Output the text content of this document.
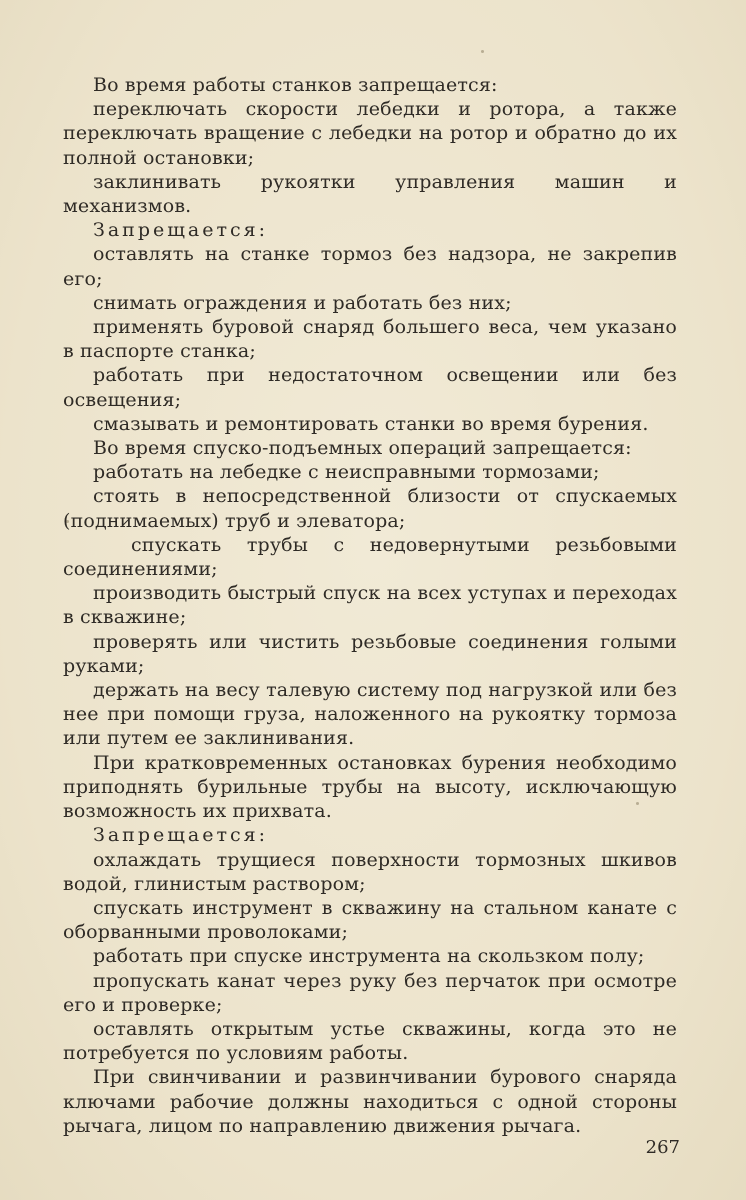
Во время работы станков запрещается:

переключать скорости лебедки и ротора, а также переключать вращение с лебедки на ротор и обратно до их полной остановки;

заклинивать рукоятки управления машин и механизмов.

Запрещается:

оставлять на станке тормоз без надзора, не закрепив его;

снимать ограждения и работать без них;

применять буровой снаряд большего веса, чем указано в паспорте станка;

работать при недостаточном освещении или без освещения;

смазывать и ремонтировать станки во время бурения.

Во время спуско-подъемных операций запрещается:

работать на лебедке с неисправными тормозами;

стоять в непосредственной близости от спускаемых (поднимаемых) труб и элеватора;

спускать трубы с недовернутыми резьбовыми соединениями;

производить быстрый спуск на всех уступах и переходах в скважине;

проверять или чистить резьбовые соединения голыми руками;

держать на весу талевую систему под нагрузкой или без нее при помощи груза, наложенного на рукоятку тормоза или путем ее заклинивания.

При кратковременных остановках бурения необходимо приподнять бурильные трубы на высоту, исключающую возможность их прихвата.

Запрещается:

охлаждать трущиеся поверхности тормозных шкивов водой, глинистым раствором;

спускать инструмент в скважину на стальном канате с оборванными проволоками;

работать при спуске инструмента на скользком полу;

пропускать канат через руку без перчаток при осмотре его и проверке;

оставлять открытым устье скважины, когда это не потребуется по условиям работы.

При свинчивании и развинчивании бурового снаряда ключами рабочие должны находиться с одной стороны рычага, лицом по направлению движения рычага.

267
